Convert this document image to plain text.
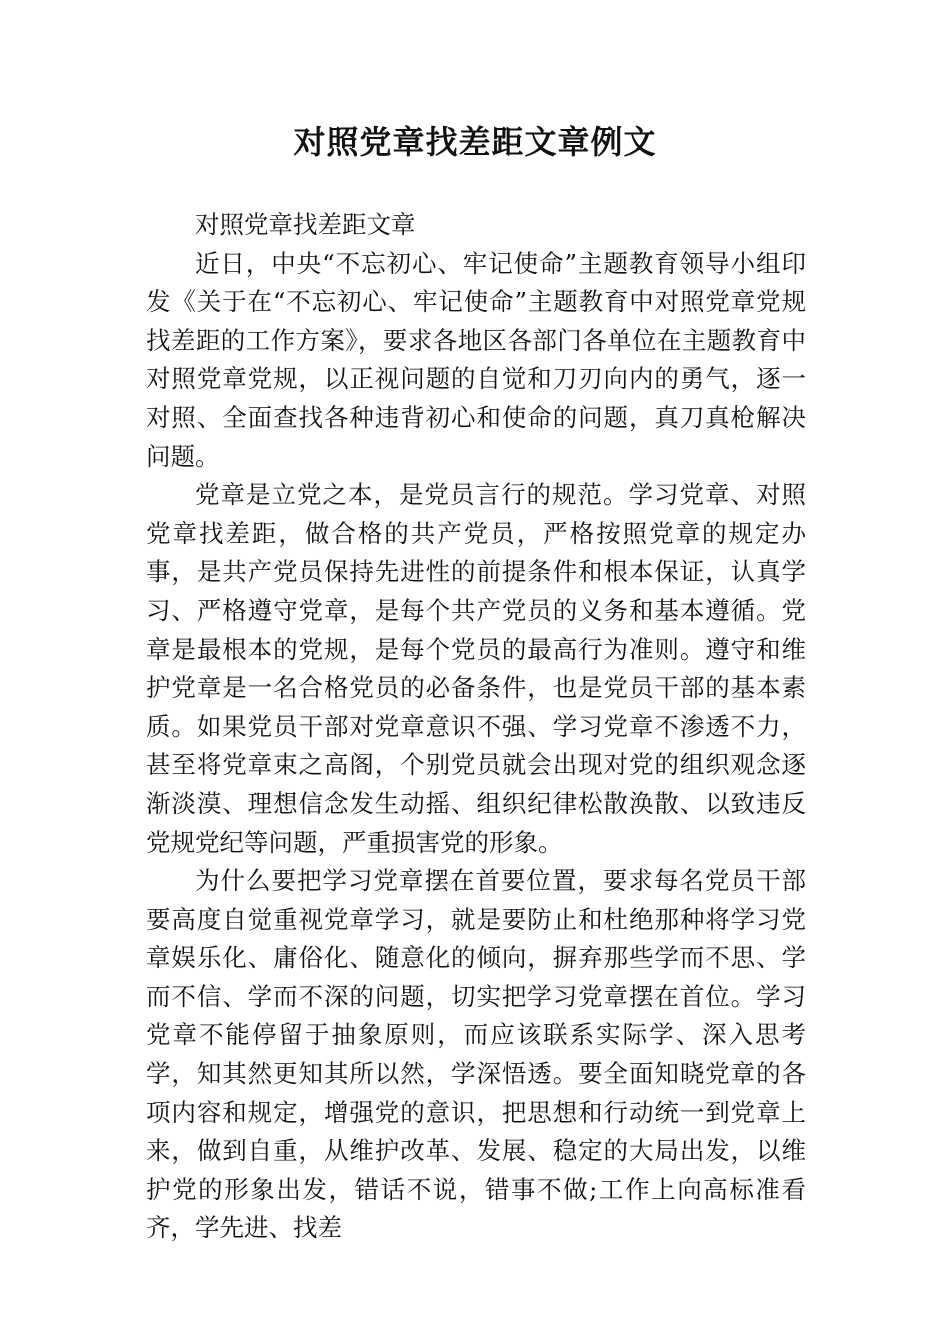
对照党章找差距文章例文

对照党章找差距文章

近日，中央“不忘初心、牢记使命”主题教育领导小组印发《关于在“不忘初心、牢记使命”主题教育中对照党章党规找差距的工作方案》，要求各地区各部门各单位在主题教育中对照党章党规，以正视问题的自觉和刀刃向内的勇气，逐一对照、全面查找各种违背初心和使命的问题，真刀真枪解决问题。

党章是立党之本，是党员言行的规范。学习党章、对照党章找差距，做合格的共产党员，严格按照党章的规定办事，是共产党员保持先进性的前提条件和根本保证，认真学习、严格遵守党章，是每个共产党员的义务和基本遵循。党章是最根本的党规，是每个党员的最高行为准则。遵守和维护党章是一名合格党员的必备条件，也是党员干部的基本素质。如果党员干部对党章意识不强、学习党章不渗透不力，甚至将党章束之高阁，个别党员就会出现对党的组织观念逐渐淡漠、理想信念发生动摇、组织纪律松散涣散、以致违反党规党纪等问题，严重损害党的形象。

为什么要把学习党章摆在首要位置，要求每名党员干部要高度自觉重视党章学习，就是要防止和杜绝那种将学习党章娱乐化、庸俗化、随意化的倾向，摒弃那些学而不思、学而不信、学而不深的问题，切实把学习党章摆在首位。学习党章不能停留于抽象原则，而应该联系实际学、深入思考学，知其然更知其所以然，学深悟透。要全面知晓党章的各项内容和规定，增强党的意识，把思想和行动统一到党章上来，做到自重，从维护改革、发展、稳定的大局出发，以维护党的形象出发，错话不说，错事不做;工作上向高标准看齐，学先进、找差
